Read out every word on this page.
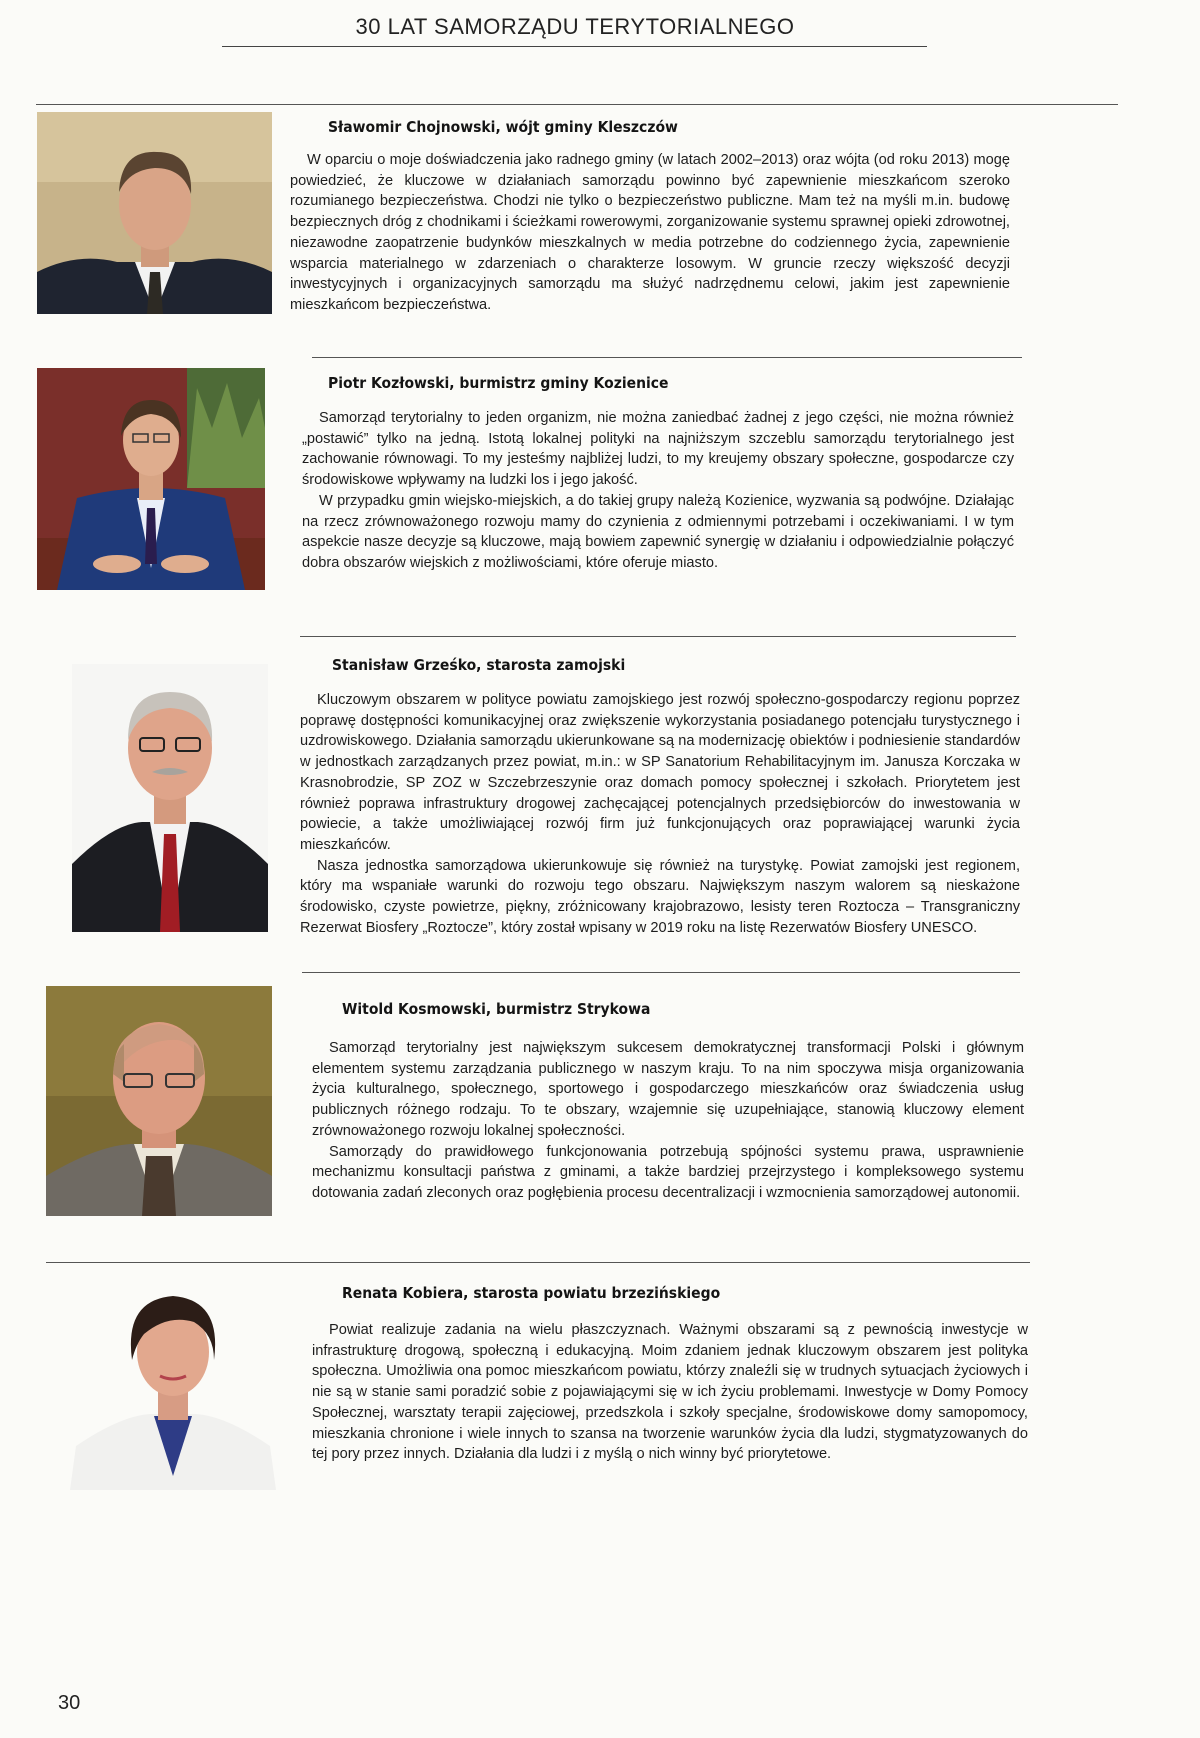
30 LAT SAMORZĄDU TERYTORIALNEGO
Sławomir Chojnowski, wójt gminy Kleszczów

W oparciu o moje doświadczenia jako radnego gminy (w latach 2002–2013) oraz wójta (od roku 2013) mogę powiedzieć, że kluczowe w działaniach samorządu powinno być zapewnienie mieszkańcom szeroko rozumianego bezpieczeństwa. Chodzi nie tylko o bezpieczeństwo publiczne. Mam też na myśli m.in. budowę bezpiecznych dróg z chodnikami i ścieżkami rowerowymi, zorganizowanie systemu sprawnej opieki zdrowotnej, niezawodne zaopatrzenie budynków mieszkalnych w media potrzebne do codziennego życia, zapewnienie wsparcia materialnego w zdarzeniach o charakterze losowym. W gruncie rzeczy większość decyzji inwestycyjnych i organizacyjnych samorządu ma służyć nadrzędnemu celowi, jakim jest zapewnienie mieszkańcom bezpieczeństwa.

Piotr Kozłowski, burmistrz gminy Kozienice

Samorząd terytorialny to jeden organizm, nie można zaniedbać żadnej z jego części, nie można również „postawić” tylko na jedną. Istotą lokalnej polityki na najniższym szczeblu samorządu terytorialnego jest zachowanie równowagi. To my jesteśmy najbliżej ludzi, to my kreujemy obszary społeczne, gospodarcze czy środowiskowe wpływamy na ludzki los i jego jakość.

W przypadku gmin wiejsko-miejskich, a do takiej grupy należą Kozienice, wyzwania są podwójne. Działając na rzecz zrównoważonego rozwoju mamy do czynienia z odmiennymi potrzebami i oczekiwaniami. I w tym aspekcie nasze decyzje są kluczowe, mają bowiem zapewnić synergię w działaniu i odpowiedzialnie połączyć dobra obszarów wiejskich z możliwościami, które oferuje miasto.

Stanisław Grześko, starosta zamojski

Kluczowym obszarem w polityce powiatu zamojskiego jest rozwój społeczno-gospodarczy regionu poprzez poprawę dostępności komunikacyjnej oraz zwiększenie wykorzystania posiadanego potencjału turystycznego i uzdrowiskowego. Działania samorządu ukierunkowane są na modernizację obiektów i podniesienie standardów w jednostkach zarządzanych przez powiat, m.in.: w SP Sanatorium Rehabilitacyjnym im. Janusza Korczaka w Krasnobrodzie, SP ZOZ w Szczebrzeszynie oraz domach pomocy społecznej i szkołach. Priorytetem jest również poprawa infrastruktury drogowej zachęcającej potencjalnych przedsiębiorców do inwestowania w powiecie, a także umożliwiającej rozwój firm już funkcjonujących oraz poprawiającej warunki życia mieszkańców.

Nasza jednostka samorządowa ukierunkowuje się również na turystykę. Powiat zamojski jest regionem, który ma wspaniałe warunki do rozwoju tego obszaru. Największym naszym walorem są nieskażone środowisko, czyste powietrze, piękny, zróżnicowany krajobrazowo, lesisty teren Roztocza – Transgraniczny Rezerwat Biosfery „Roztocze”, który został wpisany w 2019 roku na listę Rezerwatów Biosfery UNESCO.

Witold Kosmowski, burmistrz Strykowa

Samorząd terytorialny jest największym sukcesem demokratycznej transformacji Polski i głównym elementem systemu zarządzania publicznego w naszym kraju. To na nim spoczywa misja organizowania życia kulturalnego, społecznego, sportowego i gospodarczego mieszkańców oraz świadczenia usług publicznych różnego rodzaju. To te obszary, wzajemnie się uzupełniające, stanowią kluczowy element zrównoważonego rozwoju lokalnej społeczności.

Samorządy do prawidłowego funkcjonowania potrzebują spójności systemu prawa, usprawnienie mechanizmu konsultacji państwa z gminami, a także bardziej przejrzystego i kompleksowego systemu dotowania zadań zleconych oraz pogłębienia procesu decentralizacji i wzmocnienia samorządowej autonomii.

Renata Kobiera, starosta powiatu brzezińskiego

Powiat realizuje zadania na wielu płaszczyznach. Ważnymi obszarami są z pewnością inwestycje w infrastrukturę drogową, społeczną i edukacyjną. Moim zdaniem jednak kluczowym obszarem jest polityka społeczna. Umożliwia ona pomoc mieszkańcom powiatu, którzy znaleźli się w trudnych sytuacjach życiowych i nie są w stanie sami poradzić sobie z pojawiającymi się w ich życiu problemami. Inwestycje w Domy Pomocy Społecznej, warsztaty terapii zajęciowej, przedszkola i szkoły specjalne, środowiskowe domy samopomocy, mieszkania chronione i wiele innych to szansa na tworzenie warunków życia dla ludzi, stygmatyzowanych do tej pory przez innych. Działania dla ludzi i z myślą o nich winny być priorytetowe.

30
